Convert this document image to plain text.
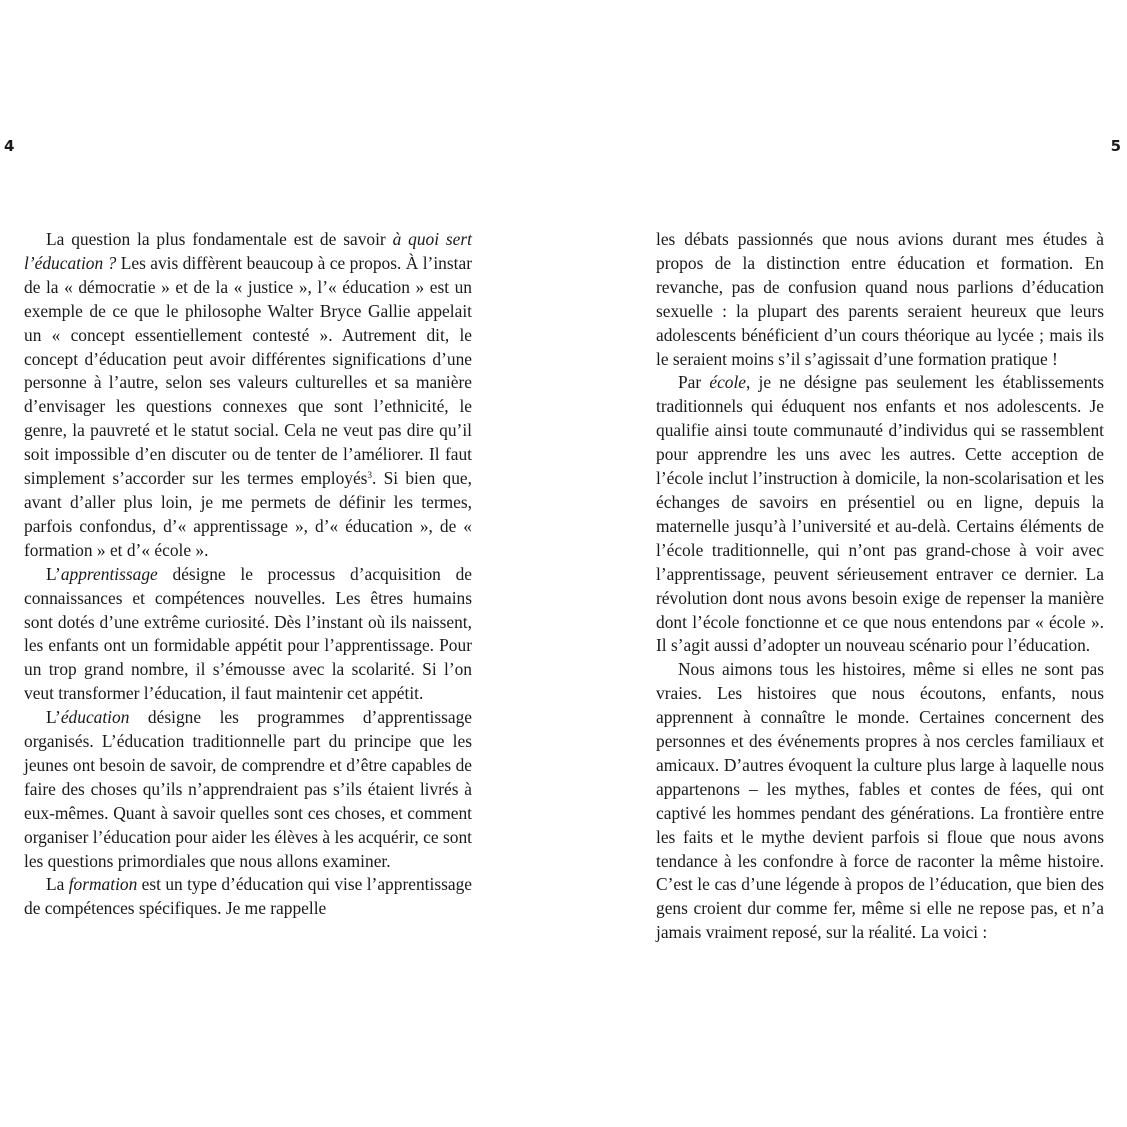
4	5

La question la plus fondamentale est de savoir à quoi sert l’éducation ? Les avis diffèrent beaucoup à ce propos. À l’instar de la « démocratie » et de la « justice », l’« éducation » est un exemple de ce que le philosophe Walter Bryce Gallie appelait un « concept essentiellement contesté ». Autrement dit, le concept d’éducation peut avoir différentes significations d’une personne à l’autre, selon ses valeurs culturelles et sa manière d’envisager les questions connexes que sont l’ethnicité, le genre, la pauvreté et le statut social. Cela ne veut pas dire qu’il soit impossible d’en discuter ou de tenter de l’améliorer. Il faut simplement s’accorder sur les termes employés$^3$. Si bien que, avant d’aller plus loin, je me permets de définir les termes, parfois confondus, d’« apprentissage », d’« éducation », de « formation » et d’« école ».

L’apprentissage désigne le processus d’acquisition de connaissances et compétences nouvelles. Les êtres humains sont dotés d’une extrême curiosité. Dès l’instant où ils naissent, les enfants ont un formidable appétit pour l’apprentissage. Pour un trop grand nombre, il s’émousse avec la scolarité. Si l’on veut transformer l’éducation, il faut maintenir cet appétit.

L’éducation désigne les programmes d’apprentissage organisés. L’éducation traditionnelle part du principe que les jeunes ont besoin de savoir, de comprendre et d’être capables de faire des choses qu’ils n’apprendraient pas s’ils étaient livrés à eux-mêmes. Quant à savoir quelles sont ces choses, et comment organiser l’éducation pour aider les élèves à les acquérir, ce sont les questions primordiales que nous allons examiner.

La formation est un type d’éducation qui vise l’apprentissage de compétences spécifiques. Je me rappelle

les débats passionnés que nous avions durant mes études à propos de la distinction entre éducation et formation. En revanche, pas de confusion quand nous parlions d’éducation sexuelle : la plupart des parents seraient heureux que leurs adolescents bénéficient d’un cours théorique au lycée ; mais ils le seraient moins s’il s’agissait d’une formation pratique !

Par école, je ne désigne pas seulement les établissements traditionnels qui éduquent nos enfants et nos adolescents. Je qualifie ainsi toute communauté d’individus qui se rassemblent pour apprendre les uns avec les autres. Cette acception de l’école inclut l’instruction à domicile, la non-scolarisation et les échanges de savoirs en présentiel ou en ligne, depuis la maternelle jusqu’à l’université et au-delà. Certains éléments de l’école traditionnelle, qui n’ont pas grand-chose à voir avec l’apprentissage, peuvent sérieusement entraver ce dernier. La révolution dont nous avons besoin exige de repenser la manière dont l’école fonctionne et ce que nous entendons par « école ». Il s’agit aussi d’adopter un nouveau scénario pour l’éducation.

Nous aimons tous les histoires, même si elles ne sont pas vraies. Les histoires que nous écoutons, enfants, nous apprennent à connaître le monde. Certaines concernent des personnes et des événements propres à nos cercles familiaux et amicaux. D’autres évoquent la culture plus large à laquelle nous appartenons – les mythes, fables et contes de fées, qui ont captivé les hommes pendant des générations. La frontière entre les faits et le mythe devient parfois si floue que nous avons tendance à les confondre à force de raconter la même histoire. C’est le cas d’une légende à propos de l’éducation, que bien des gens croient dur comme fer, même si elle ne repose pas, et n’a jamais vraiment reposé, sur la réalité. La voici :
